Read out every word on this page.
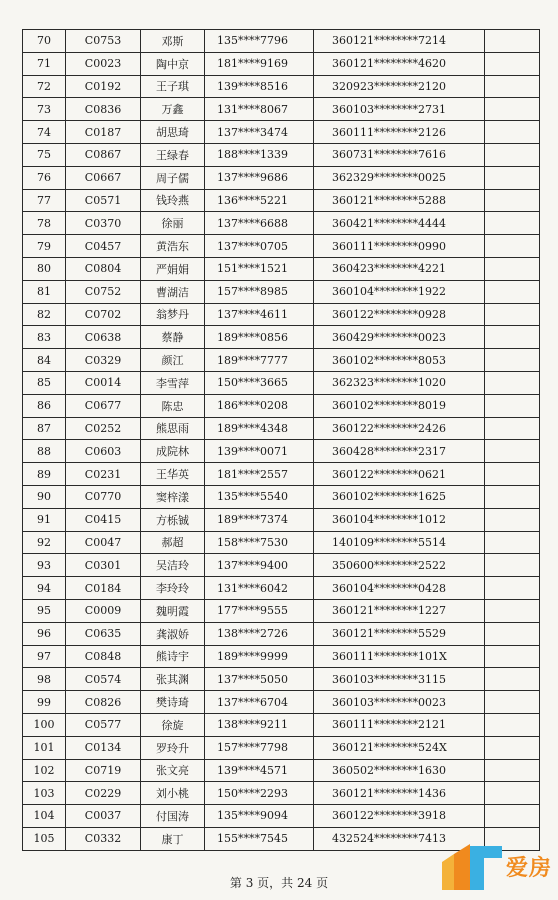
70	C0753	邓斯	135****7796	360121********7214	
71	C0023	陶中京	181****9169	360121********4620	
72	C0192	王子琪	139****8516	320923********2120	
73	C0836	万鑫	131****8067	360103********2731	
74	C0187	胡思琦	137****3474	360111********2126	
75	C0867	王绿春	188****1339	360731********7616	
76	C0667	周子儒	137****9686	362329********0025	
77	C0571	钱玲燕	136****5221	360121********5288	
78	C0370	徐丽	137****6688	360421********4444	
79	C0457	黄浩东	137****0705	360111********0990	
80	C0804	严娟娟	151****1521	360423********4221	
81	C0752	曹湖洁	157****8985	360104********1922	
82	C0702	翁梦丹	137****4611	360122********0928	
83	C0638	蔡静	189****0856	360429********0023	
84	C0329	颜江	189****7777	360102********8053	
85	C0014	李雪萍	150****3665	362323********1020	
86	C0677	陈忠	186****0208	360102********8019	
87	C0252	熊思雨	189****4348	360122********2426	
88	C0603	成院林	139****0071	360428********2317	
89	C0231	王华英	181****2557	360122********0621	
90	C0770	窦梓漾	135****5540	360102********1625	
91	C0415	方栎铖	189****7374	360104********1012	
92	C0047	郝超	158****7530	140109********5514	
93	C0301	吴洁玲	137****9400	350600********2522	
94	C0184	李玲玲	131****6042	360104********0428	
95	C0009	魏明霞	177****9555	360121********1227	
96	C0635	龚淑娇	138****2726	360121********5529	
97	C0848	熊诗宇	189****9999	360111********101X	
98	C0574	张其渊	137****5050	360103********3115	
99	C0826	樊诗琦	137****6704	360103********0023	
100	C0577	徐旋	138****9211	360111********2121	
101	C0134	罗玲升	157****7798	360121********524X	
102	C0719	张文亮	139****4571	360502********1630	
103	C0229	刘小桃	150****2293	360121********1436	
104	C0037	付国涛	135****9094	360122********3918	
105	C0332	康丁	155****7545	432524********7413	
第 3 页，共 24 页
爱房
